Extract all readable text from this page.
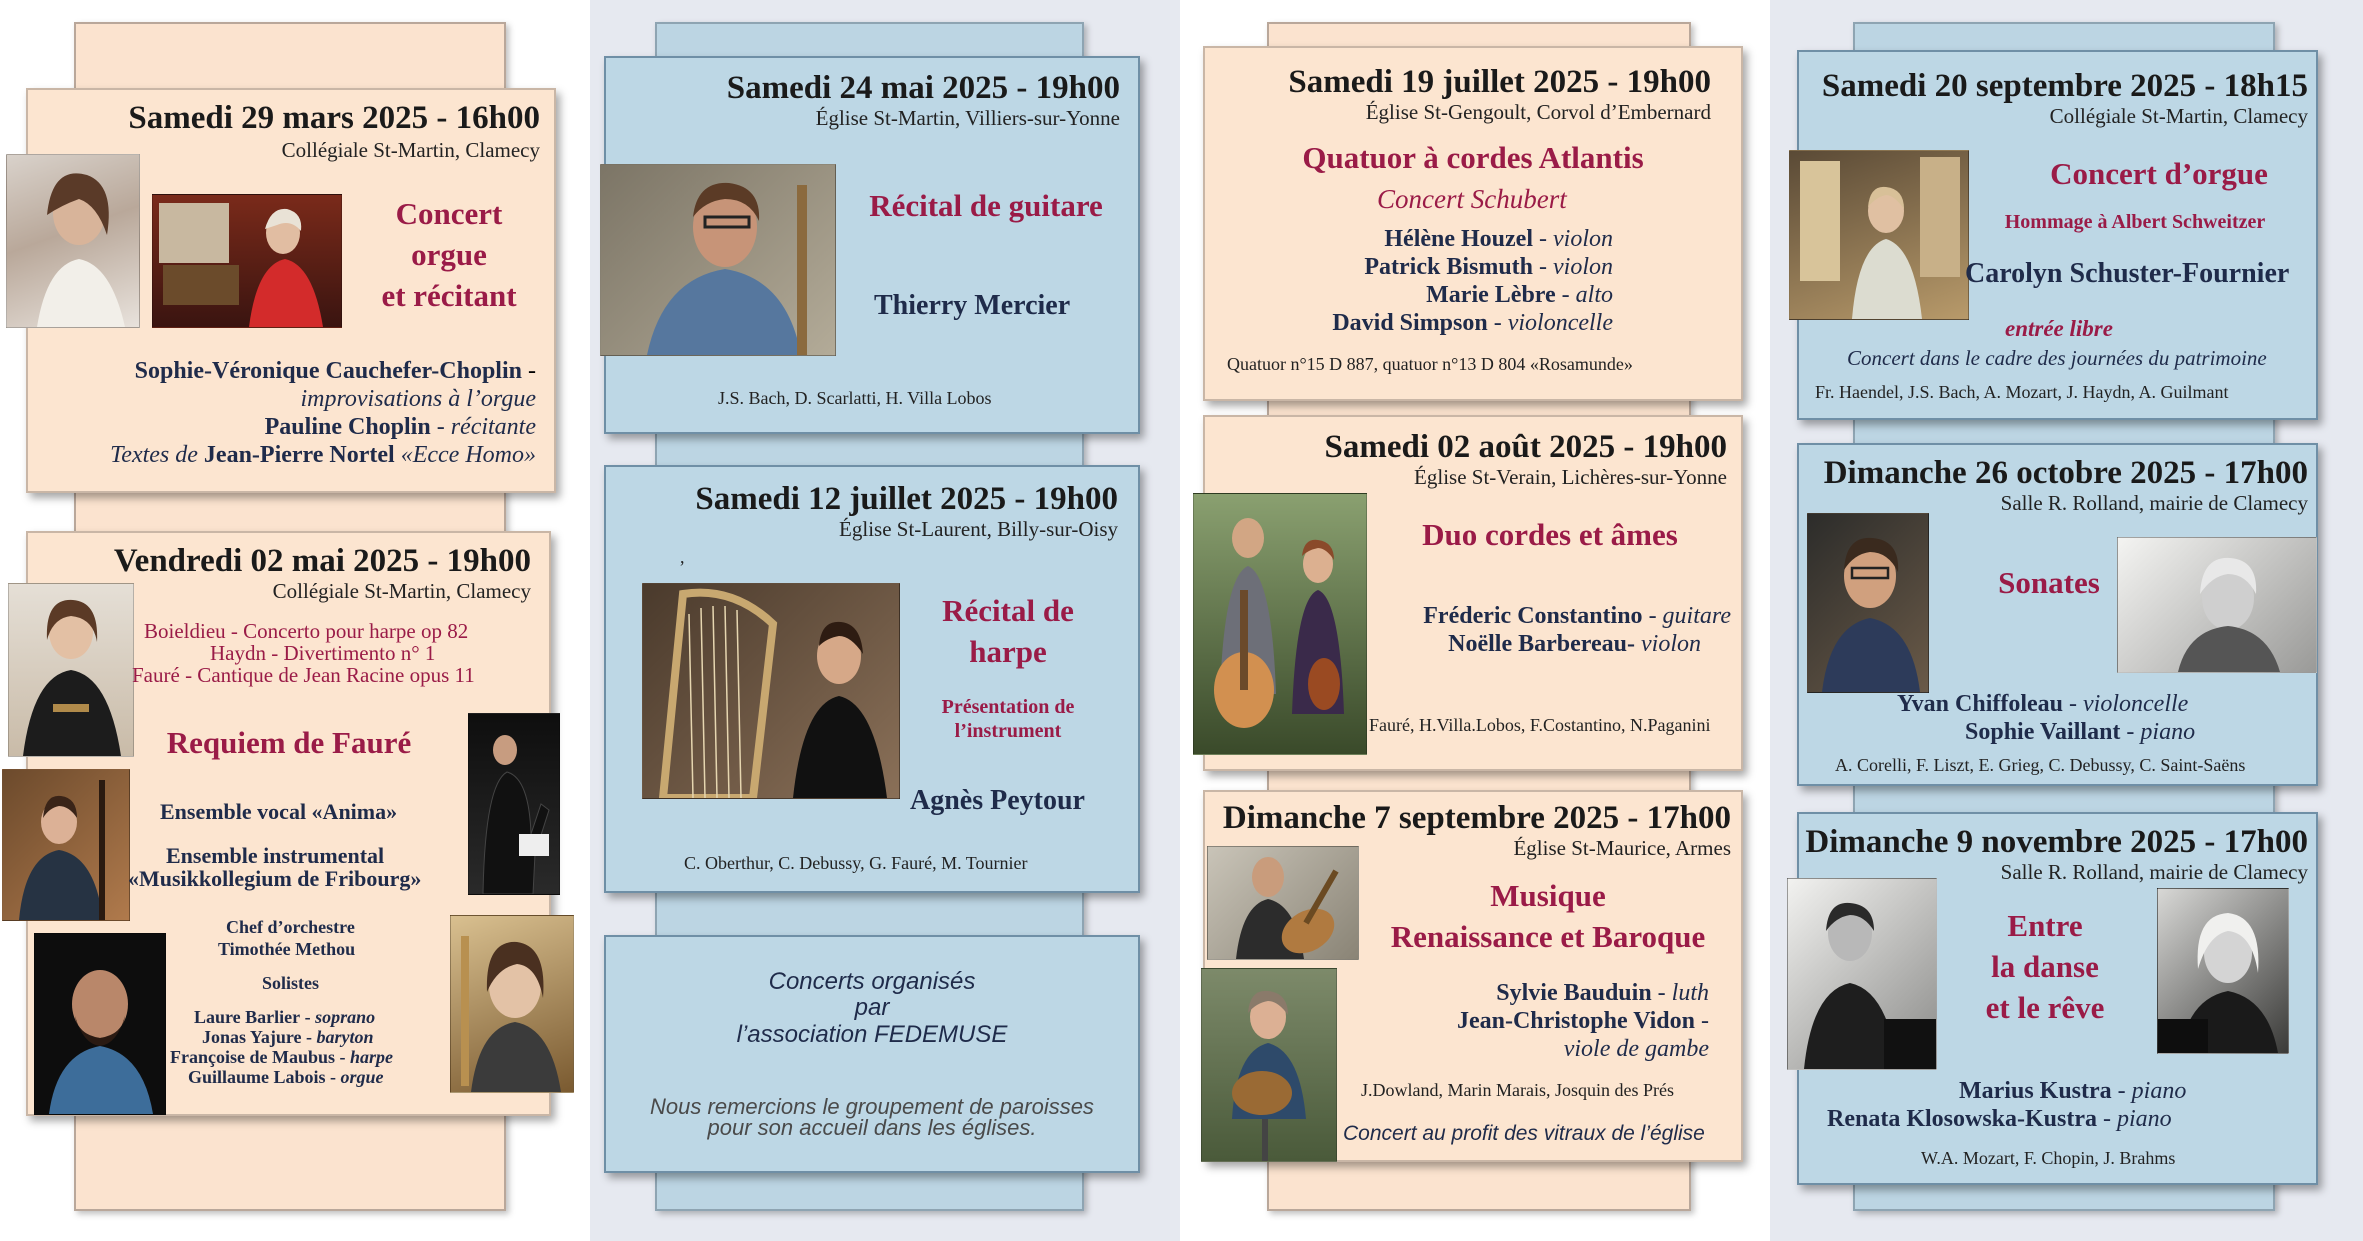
Samedi 29 mars 2025 - 16h00
Collégiale St-Martin, Clamecy
Concert
orgue
et récitant
Sophie-Véronique Cauchefer-Choplin -
improvisations à l’orgue
Pauline Choplin - récitante
Textes de Jean-Pierre Nortel «Ecce Homo»
Vendredi 02 mai 2025 - 19h00
Collégiale St-Martin, Clamecy
Boieldieu - Concerto pour harpe op 82
Haydn - Divertimento n° 1
Fauré - Cantique de Jean Racine opus 11
Requiem de Fauré
Ensemble vocal «Anima»
Ensemble instrumental
«Musikkollegium de Fribourg»
Chef d’orchestre
Timothée Methou
Solistes
Laure Barlier - soprano
Jonas Yajure - baryton
Françoise de Maubus - harpe
Guillaume Labois - orgue
Samedi 24 mai 2025 - 19h00
Église St-Martin, Villiers-sur-Yonne
Récital de guitare
Thierry Mercier
J.S. Bach, D. Scarlatti, H. Villa Lobos
Samedi 12 juillet 2025 - 19h00
Église St-Laurent, Billy-sur-Oisy
,
Récital de
harpe
Présentation de
l’instrument
Agnès Peytour
C. Oberthur, C. Debussy, G. Fauré, M. Tournier
Concerts organisés
par
l’association FEDEMUSE
Nous remercions le groupement de paroisses
pour son accueil dans les églises.
Samedi 19 juillet 2025 - 19h00
Église St-Gengoult, Corvol d’Embernard
Quatuor à cordes Atlantis
Concert Schubert
Hélène Houzel - violon
Patrick Bismuth - violon
Marie Lèbre - alto
David Simpson - violoncelle
Quatuor n°15 D 887, quatuor n°13 D 804 «Rosamunde»
Samedi 02 août 2025 - 19h00
Église St-Verain, Lichères-sur-Yonne
Duo cordes et âmes
Fréderic Constantino - guitare
Noëlle Barbereau- violon
Fauré, H.Villa.Lobos, F.Costantino, N.Paganini
Dimanche 7 septembre 2025 - 17h00
Église St-Maurice, Armes
Musique
Renaissance et Baroque
Sylvie Bauduin - luth
Jean-Christophe Vidon -
viole de gambe
J.Dowland, Marin Marais, Josquin des Prés
Concert au profit des vitraux de l’église
Samedi 20 septembre 2025 - 18h15
Collégiale St-Martin, Clamecy
Concert d’orgue
Hommage à Albert Schweitzer
Carolyn Schuster-Fournier
entrée libre
Concert dans le cadre des journées du patrimoine
Fr. Haendel, J.S. Bach, A. Mozart, J. Haydn, A. Guilmant
Dimanche 26 octobre 2025 - 17h00
Salle R. Rolland, mairie de Clamecy
Sonates
Yvan Chiffoleau - violoncelle
Sophie Vaillant - piano
A. Corelli, F. Liszt, E. Grieg, C. Debussy, C. Saint-Saëns
Dimanche 9 novembre 2025 - 17h00
Salle R. Rolland, mairie de Clamecy
Entre
la danse
et le rêve
Marius Kustra - piano
Renata Klosowska-Kustra - piano
W.A. Mozart, F. Chopin, J. Brahms
